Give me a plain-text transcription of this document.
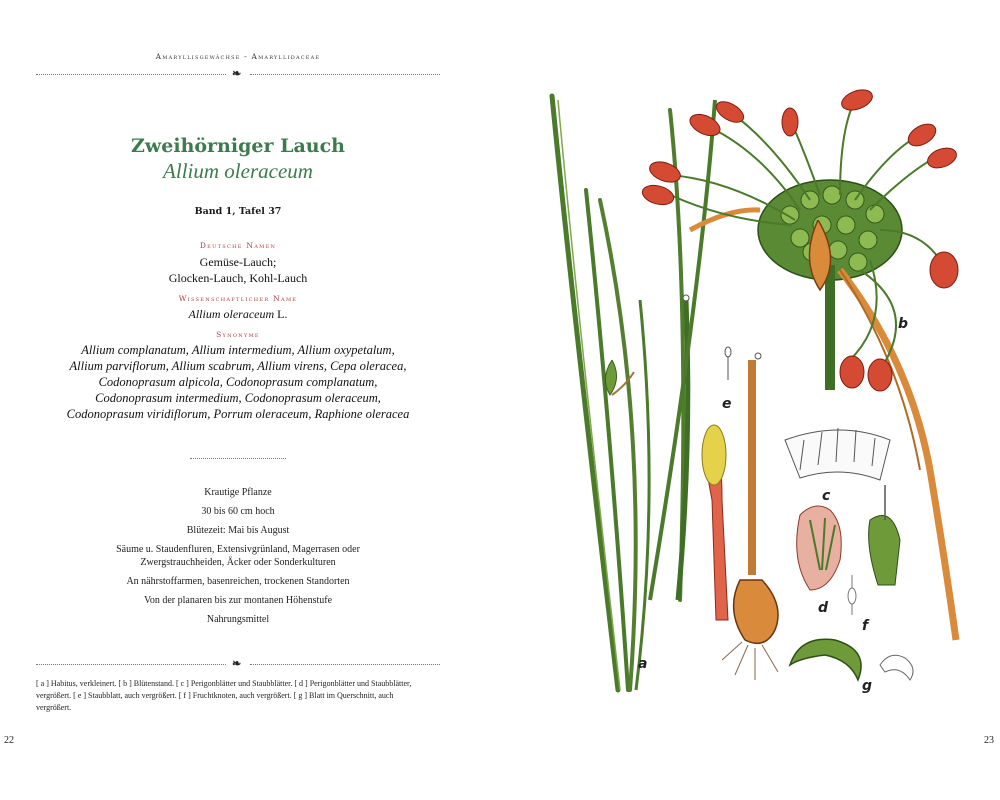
Amaryllisgewächse - Amaryllidaceae
❧
Zweihörniger Lauch
Allium oleraceum
Band 1, Tafel 37
Deutsche Namen
Gemüse-Lauch;
Glocken-Lauch, Kohl-Lauch
Wissenschaftlicher Name
Allium oleraceum L.
Synonyme
Allium complanatum, Allium intermedium, Allium oxypetalum,
Allium parviflorum, Allium scabrum, Allium virens, Cepa oleracea,
Codonoprasum alpicola, Codonoprasum complanatum,
Codonoprasum intermedium, Codonoprasum oleraceum,
Codonoprasum viridiflorum, Porrum oleraceum, Raphione oleracea
Krautige Pflanze
30 bis 60 cm hoch
Blütezeit: Mai bis August
Säume u. Staudenfluren, Extensivgrünland, Magerrasen oder
Zwergstrauchheiden, Äcker oder Sonderkulturen
An nährstoffarmen, basenreichen, trockenen Standorten
Von der planaren bis zur montanen Höhenstufe
Nahrungsmittel
❧
[ a ] Habitus, verkleinert. [ b ] Blütenstand. [ c ] Perigonblätter und Staubblätter. [ d ] Perigonblätter und Staubblätter,
vergrößert. [ e ] Staubblatt, auch vergrößert. [ f ] Fruchtknoten, auch vergrößert. [ g ] Blatt im Querschnitt, auch
vergrößert.
22
a
b
c
d
e
f
g
23
